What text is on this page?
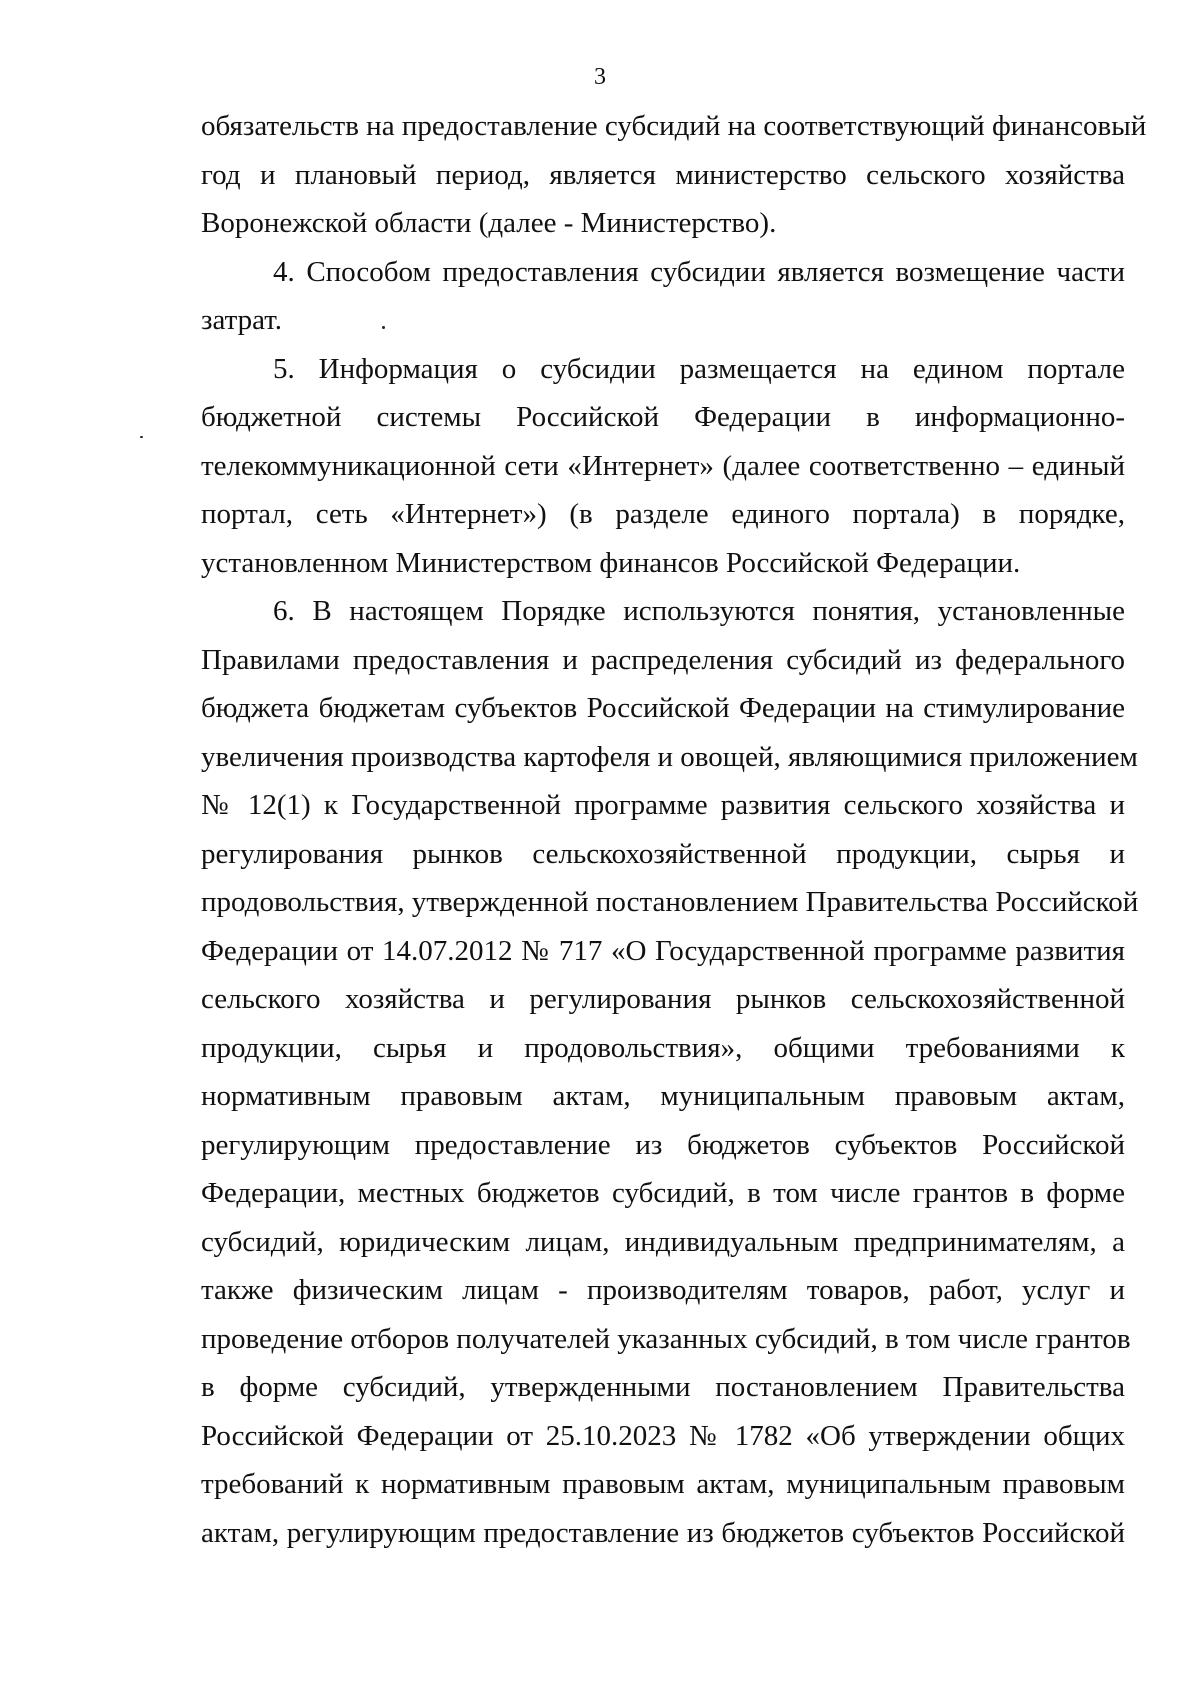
3
обязательств на предоставление субсидий на соответствующий финансовый
год и плановый период, является министерство сельского хозяйства
Воронежской области (далее - Министерство).
4. Способом предоставления субсидии является возмещение части
затрат.
5. Информация о субсидии размещается на едином портале
бюджетной системы Российской Федерации в информационно-
телекоммуникационной сети «Интернет» (далее соответственно – единый
портал, сеть «Интернет») (в разделе единого портала) в порядке,
установленном Министерством финансов Российской Федерации.
6. В настоящем Порядке используются понятия, установленные
Правилами предоставления и распределения субсидий из федерального
бюджета бюджетам субъектов Российской Федерации на стимулирование
увеличения производства картофеля и овощей, являющимися приложением
№ 12(1) к Государственной программе развития сельского хозяйства и
регулирования рынков сельскохозяйственной продукции, сырья и
продовольствия, утвержденной постановлением Правительства Российской
Федерации от 14.07.2012 № 717 «О Государственной программе развития
сельского хозяйства и регулирования рынков сельскохозяйственной
продукции, сырья и продовольствия», общими требованиями к
нормативным правовым актам, муниципальным правовым актам,
регулирующим предоставление из бюджетов субъектов Российской
Федерации, местных бюджетов субсидий, в том числе грантов в форме
субсидий, юридическим лицам, индивидуальным предпринимателям, а
также физическим лицам - производителям товаров, работ, услуг и
проведение отборов получателей указанных субсидий, в том числе грантов
в форме субсидий, утвержденными постановлением Правительства
Российской Федерации от 25.10.2023 № 1782 «Об утверждении общих
требований к нормативным правовым актам, муниципальным правовым
актам, регулирующим предоставление из бюджетов субъектов Российской
